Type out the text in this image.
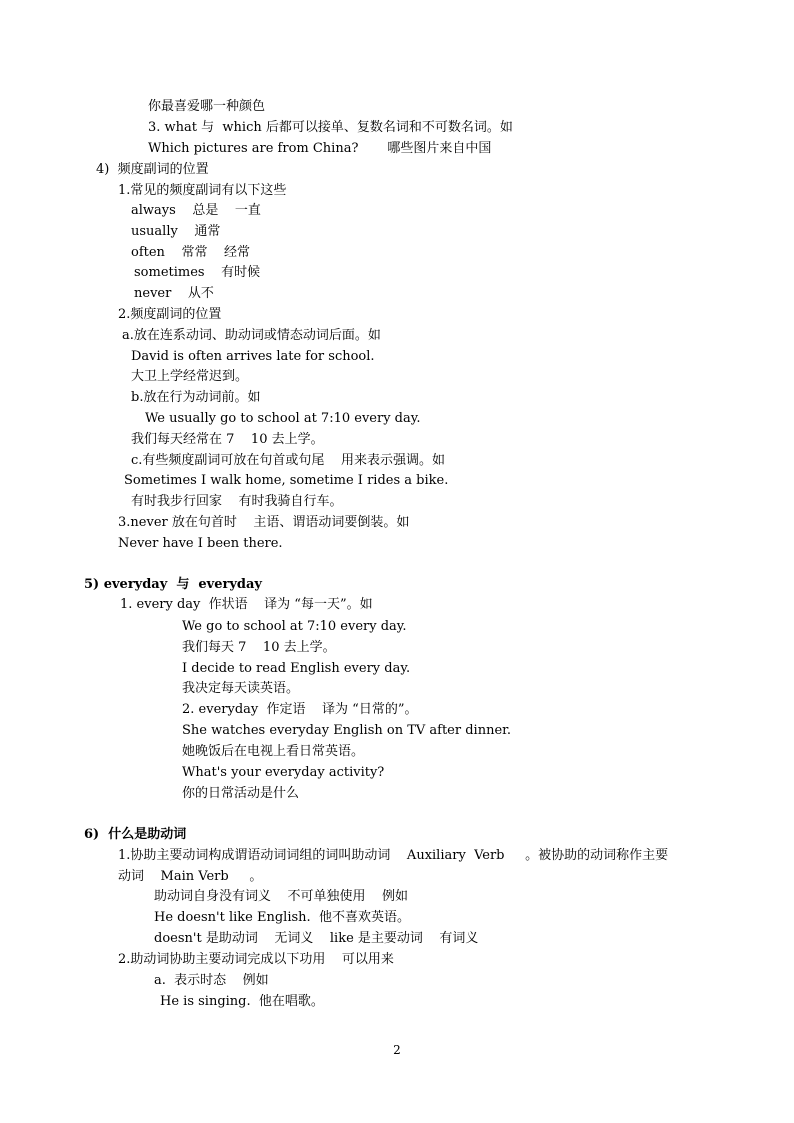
你最喜爱哪一种颜色
3. what 与  which 后都可以接单、复数名词和不可数名词。如
Which pictures are from China?       哪些图片来自中国
4)  频度副词的位置
1.常见的频度副词有以下这些
always    总是    一直
usually    通常
often    常常    经常
sometimes    有时候
never    从不
2.频度副词的位置
a.放在连系动词、助动词或情态动词后面。如
David is often arrives late for school.
大卫上学经常迟到。
b.放在行为动词前。如
We usually go to school at 7:10 every day.
我们每天经常在 7    10 去上学。
c.有些频度副词可放在句首或句尾    用来表示强调。如
Sometimes I walk home, sometime I rides a bike.
有时我步行回家    有时我骑自行车。
3.never 放在句首时    主语、谓语动词要倒装。如
Never have I been there.
5) everyday  与  everyday
1. every day  作状语    译为 “每一天”。如
We go to school at 7:10 every day.
我们每天 7    10 去上学。
I decide to read English every day.
我决定每天读英语。
2. everyday  作定语    译为 “日常的”。
She watches everyday English on TV after dinner.
她晚饭后在电视上看日常英语。
What's your everyday activity?
你的日常活动是什么
6)  什么是助动词
1.协助主要动词构成谓语动词词组的词叫助动词    Auxiliary  Verb     。被协助的动词称作主要
动词    Main Verb     。
助动词自身没有词义    不可单独使用    例如
He doesn't like English.  他不喜欢英语。
doesn't 是助动词    无词义    like 是主要动词    有词义
2.助动词协助主要动词完成以下功用    可以用来
a.  表示时态    例如
He is singing.  他在唱歌。
2
